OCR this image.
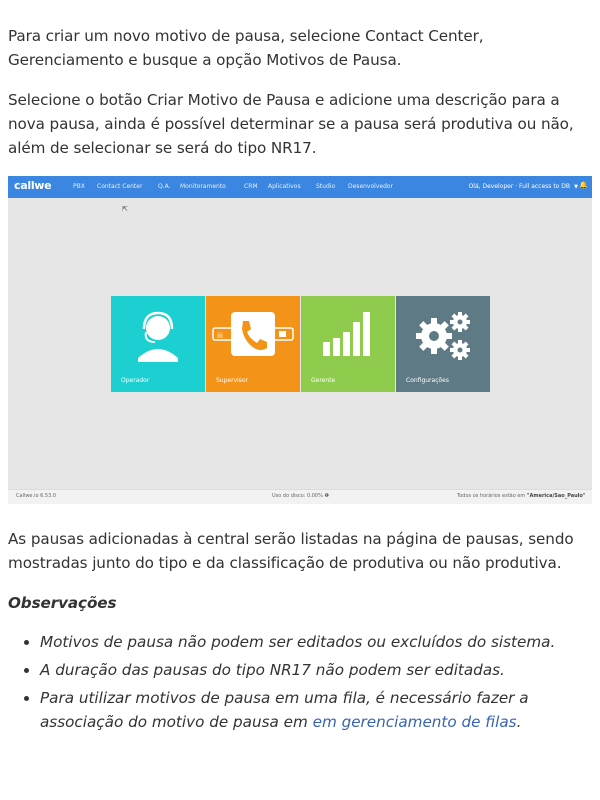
Para criar um novo motivo de pausa, selecione Contact Center, Gerenciamento e busque a opção Motivos de Pausa.

Selecione o botão Criar Motivo de Pausa e adicione uma descrição para a nova pausa, ainda é possível determinar se a pausa será produtiva ou não, além de selecionar se será do tipo NR17.

callwe	PBX Contact Center	Q.A. Monitoramento	CRM Aplicativos	Studio Desenvolvedor	Olá, Developer · Full access to DB ▼ 🔔
⇱
Operador
iii
Supervisor	Gerente	Configurações
Callwe.io 6.53.0	Uso do disco: 0.00% ❶	Todos os horários estão em "America/Sao_Paulo"

As pausas adicionadas à central serão listadas na página de pausas, sendo mostradas junto do tipo e da classificação de produtiva ou não produtiva.

Observações

• Motivos de pausa não podem ser editados ou excluídos do sistema.
• A duração das pausas do tipo NR17 não podem ser editadas.
• Para utilizar motivos de pausa em uma fila, é necessário fazer a associação do motivo de pausa em em gerenciamento de filas.
